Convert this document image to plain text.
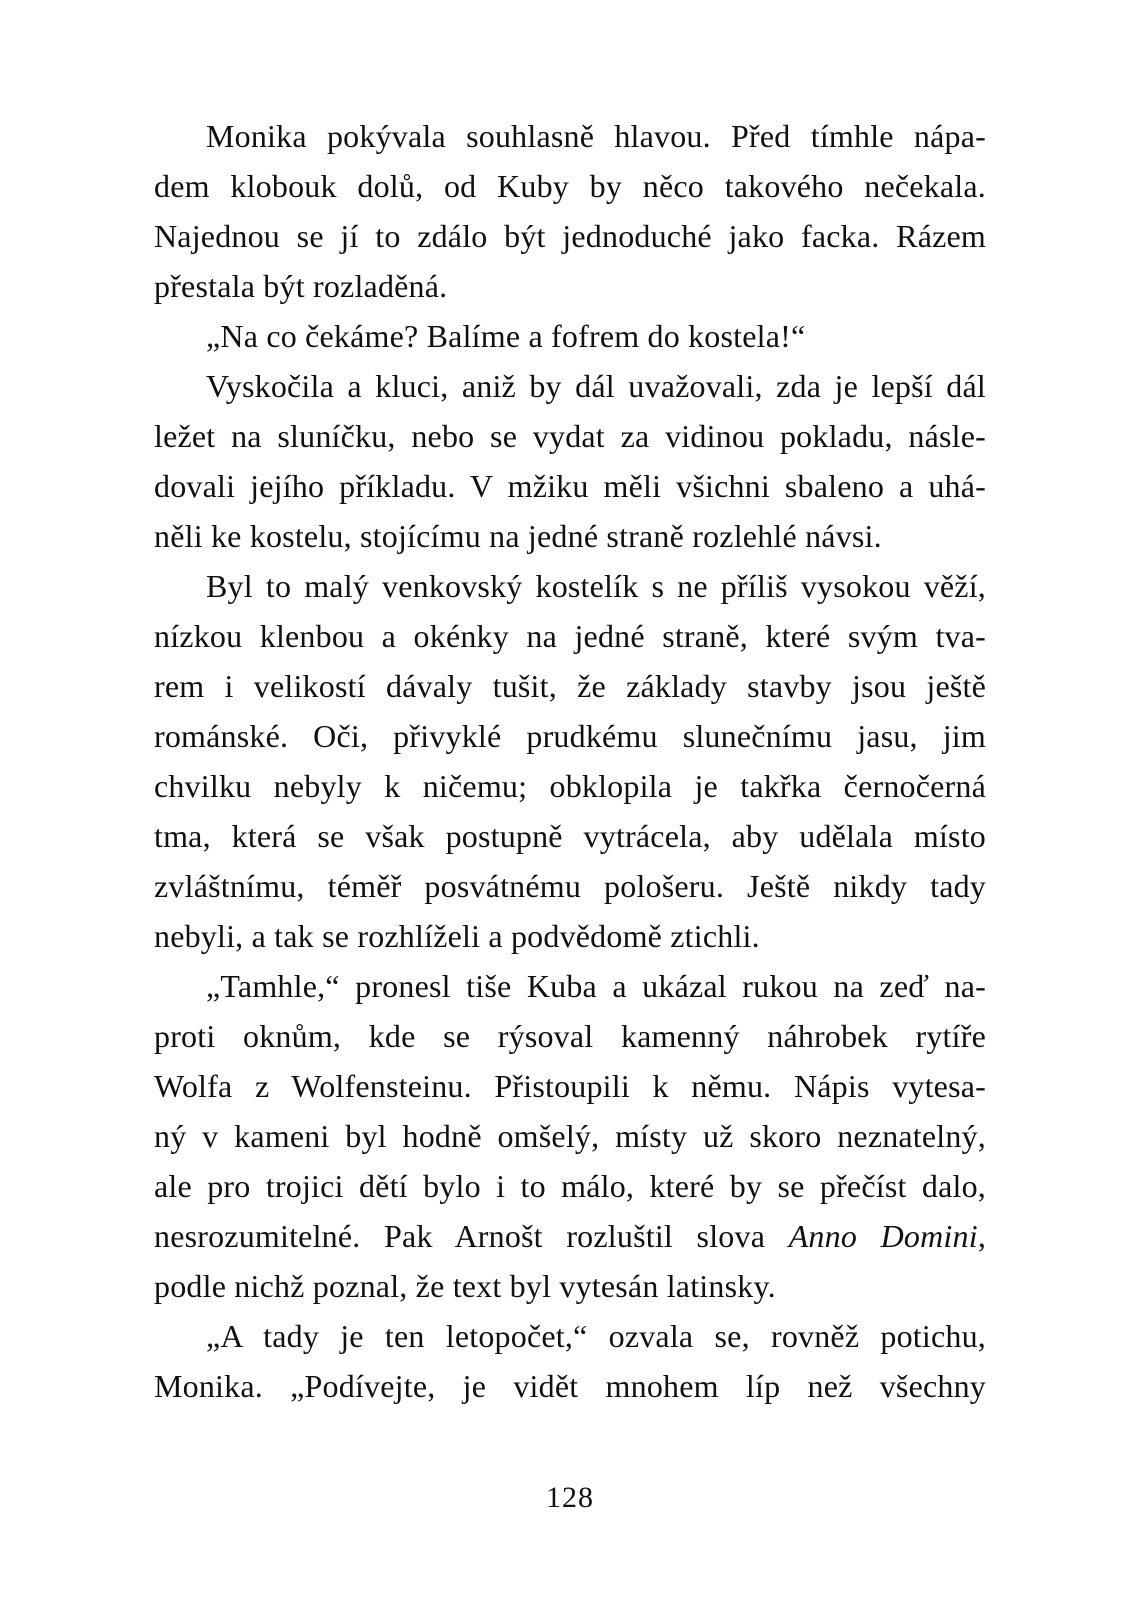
Monika pokývala souhlasně hlavou. Před tímhle nápa-
dem klobouk dolů, od Kuby by něco takového nečekala.
Najednou se jí to zdálo být jednoduché jako facka. Rázem
přestala být rozladěná.
„Na co čekáme? Balíme a fofrem do kostela!“
Vyskočila a kluci, aniž by dál uvažovali, zda je lepší dál
ležet na sluníčku, nebo se vydat za vidinou pokladu, násle-
dovali jejího příkladu. V mžiku měli všichni sbaleno a uhá-
něli ke kostelu, stojícímu na jedné straně rozlehlé návsi.
Byl to malý venkovský kostelík s ne příliš vysokou věží,
nízkou klenbou a okénky na jedné straně, které svým tva-
rem i velikostí dávaly tušit, že základy stavby jsou ještě
románské. Oči, přivyklé prudkému slunečnímu jasu, jim
chvilku nebyly k ničemu; obklopila je takřka černočerná
tma, která se však postupně vytrácela, aby udělala místo
zvláštnímu, téměř posvátnému pološeru. Ještě nikdy tady
nebyli, a tak se rozhlíželi a podvědomě ztichli.
„Tamhle,“ pronesl tiše Kuba a ukázal rukou na zeď na-
proti oknům, kde se rýsoval kamenný náhrobek rytíře
Wolfa z Wolfensteinu. Přistoupili k němu. Nápis vytesa-
ný v kameni byl hodně omšelý, místy už skoro neznatelný,
ale pro trojici dětí bylo i to málo, které by se přečíst dalo,
nesrozumitelné. Pak Arnošt rozluštil slova Anno Domini,
podle nichž poznal, že text byl vytesán latinsky.
„A tady je ten letopočet,“ ozvala se, rovněž potichu,
Monika. „Podívejte, je vidět mnohem líp než všechny
128
